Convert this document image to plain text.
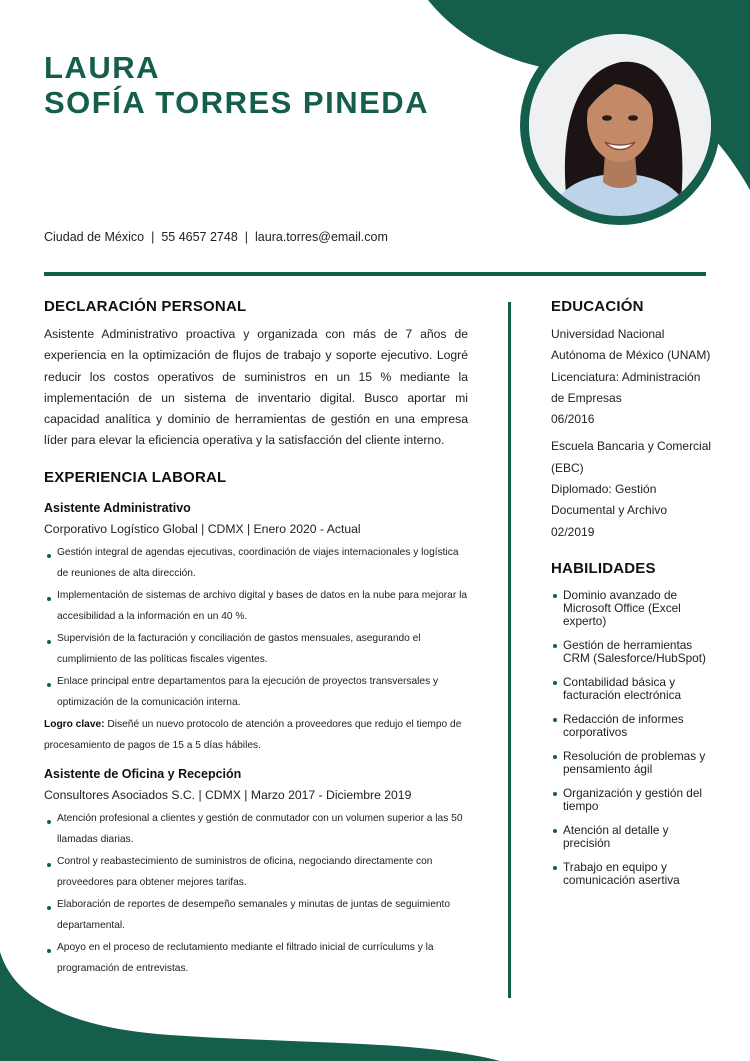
LAURA
SOFÍA TORRES PINEDA
Ciudad de México | 55 4657 2748 | laura.torres@email.com
DECLARACIÓN PERSONAL

Asistente Administrativo proactiva y organizada con más de 7 años de experiencia en la optimización de flujos de trabajo y soporte ejecutivo. Logré reducir los costos operativos de suministros en un 15 % mediante la implementación de un sistema de inventario digital. Busco aportar mi capacidad analítica y dominio de herramientas de gestión en una empresa líder para elevar la eficiencia operativa y la satisfacción del cliente interno.

EXPERIENCIA LABORAL
Asistente Administrativo
Corporativo Logístico Global | CDMX | Enero 2020 - Actual
Gestión integral de agendas ejecutivas, coordinación de viajes internacionales y logística de reuniones de alta dirección.
Implementación de sistemas de archivo digital y bases de datos en la nube para mejorar la accesibilidad a la información en un 40 %.
Supervisión de la facturación y conciliación de gastos mensuales, asegurando el cumplimiento de las políticas fiscales vigentes.
Enlace principal entre departamentos para la ejecución de proyectos transversales y optimización de la comunicación interna.
Logro clave: Diseñé un nuevo protocolo de atención a proveedores que redujo el tiempo de procesamiento de pagos de 15 a 5 días hábiles.
Asistente de Oficina y Recepción
Consultores Asociados S.C. | CDMX | Marzo 2017 - Diciembre 2019
Atención profesional a clientes y gestión de conmutador con un volumen superior a las 50 llamadas diarias.
Control y reabastecimiento de suministros de oficina, negociando directamente con proveedores para obtener mejores tarifas.
Elaboración de reportes de desempeño semanales y minutas de juntas de seguimiento departamental.
Apoyo en el proceso de reclutamiento mediante el filtrado inicial de currículums y la programación de entrevistas.
EDUCACIÓN
Universidad Nacional Autónoma de México (UNAM)
Licenciatura: Administración de Empresas
06/2016
Escuela Bancaria y Comercial (EBC)
Diplomado: Gestión Documental y Archivo
02/2019
HABILIDADES
Dominio avanzado de Microsoft Office (Excel experto)
Gestión de herramientas CRM (Salesforce/HubSpot)
Contabilidad básica y facturación electrónica
Redacción de informes corporativos
Resolución de problemas y pensamiento ágil
Organización y gestión del tiempo
Atención al detalle y precisión
Trabajo en equipo y comunicación asertiva
